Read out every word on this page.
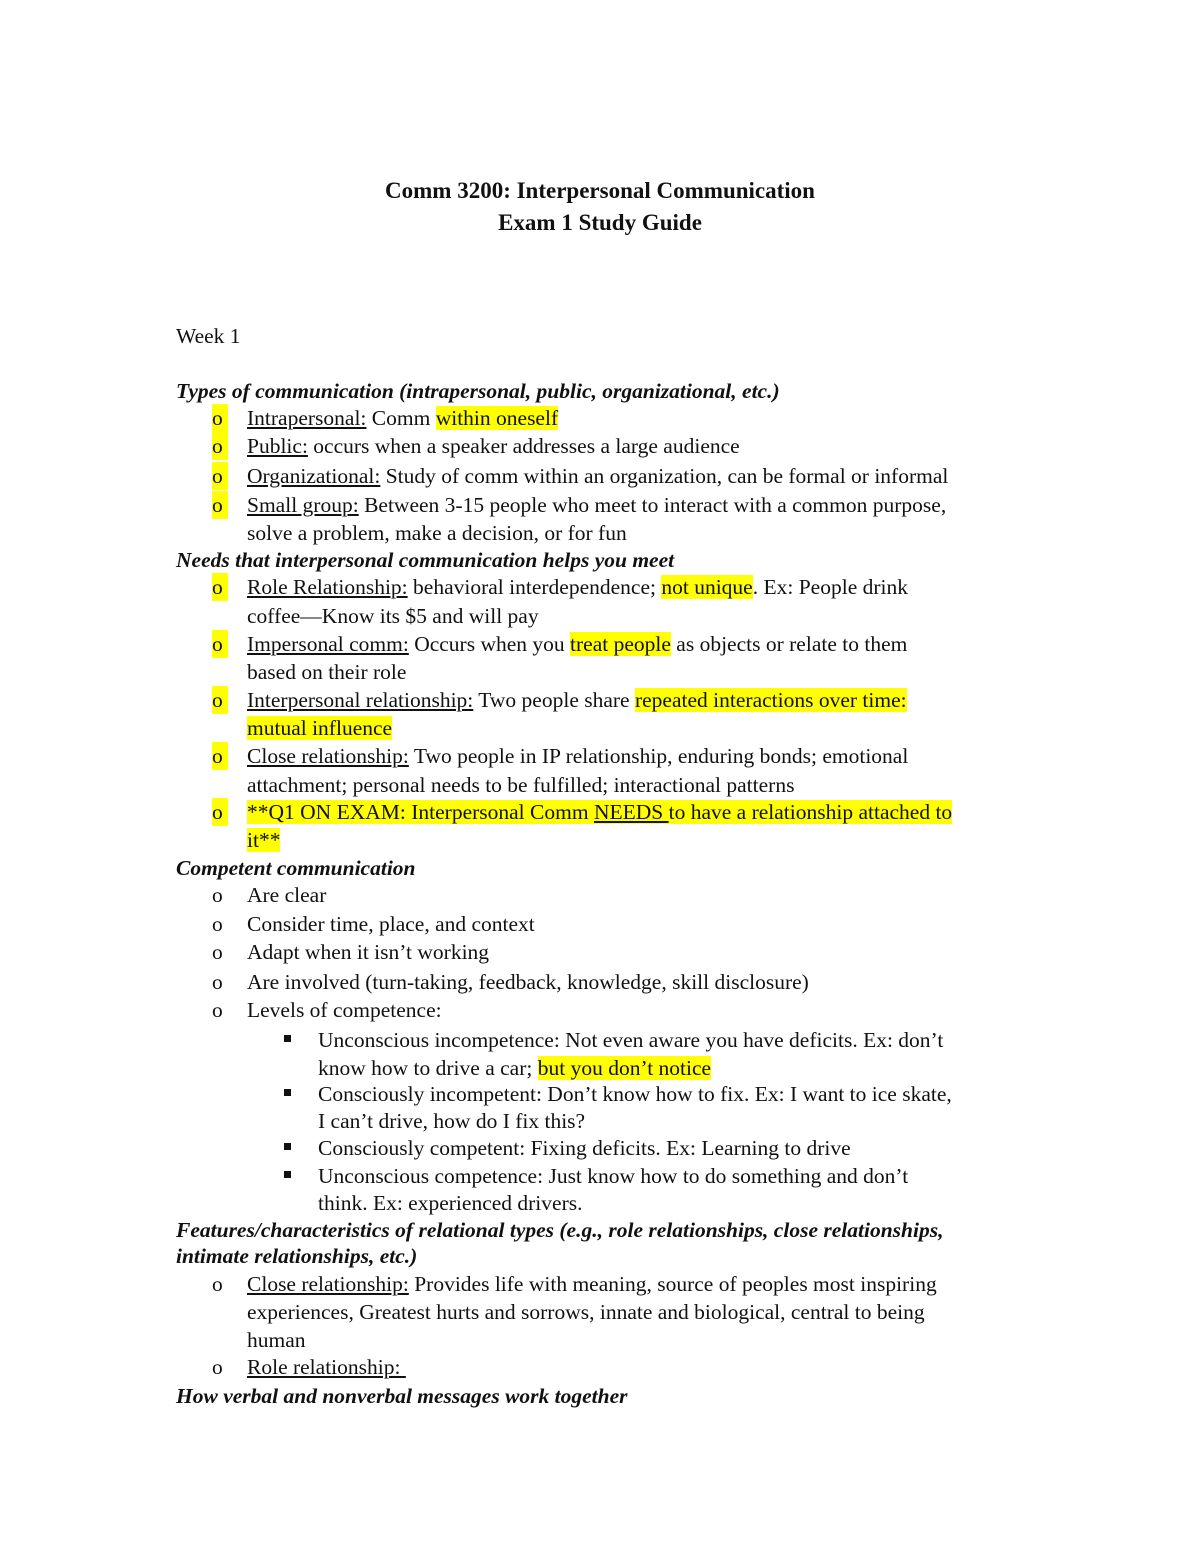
Comm 3200: Interpersonal Communication
Exam 1 Study Guide
Week 1
Types of communication (intrapersonal, public, organizational, etc.)
o Intrapersonal: Comm within oneself
o Public: occurs when a speaker addresses a large audience
o Organizational: Study of comm within an organization, can be formal or informal
o Small group: Between 3-15 people who meet to interact with a common purpose,
solve a problem, make a decision, or for fun
Needs that interpersonal communication helps you meet
o Role Relationship: behavioral interdependence; not unique. Ex: People drink
coffee—Know its $5 and will pay
o Impersonal comm: Occurs when you treat people as objects or relate to them
based on their role
o Interpersonal relationship: Two people share repeated interactions over time:
mutual influence
o Close relationship: Two people in IP relationship, enduring bonds; emotional
attachment; personal needs to be fulfilled; interactional patterns
o **Q1 ON EXAM: Interpersonal Comm NEEDS to have a relationship attached to
it**
Competent communication
o Are clear
o Consider time, place, and context
o Adapt when it isn’t working
o Are involved (turn-taking, feedback, knowledge, skill disclosure)
o Levels of competence:
Unconscious incompetence: Not even aware you have deficits. Ex: don’t
know how to drive a car; but you don’t notice
Consciously incompetent: Don’t know how to fix. Ex: I want to ice skate,
I can’t drive, how do I fix this?
Consciously competent: Fixing deficits. Ex: Learning to drive
Unconscious competence: Just know how to do something and don’t
think. Ex: experienced drivers.
Features/characteristics of relational types (e.g., role relationships, close relationships,
intimate relationships, etc.)
o Close relationship: Provides life with meaning, source of peoples most inspiring
experiences, Greatest hurts and sorrows, innate and biological, central to being
human
o Role relationship:
How verbal and nonverbal messages work together
